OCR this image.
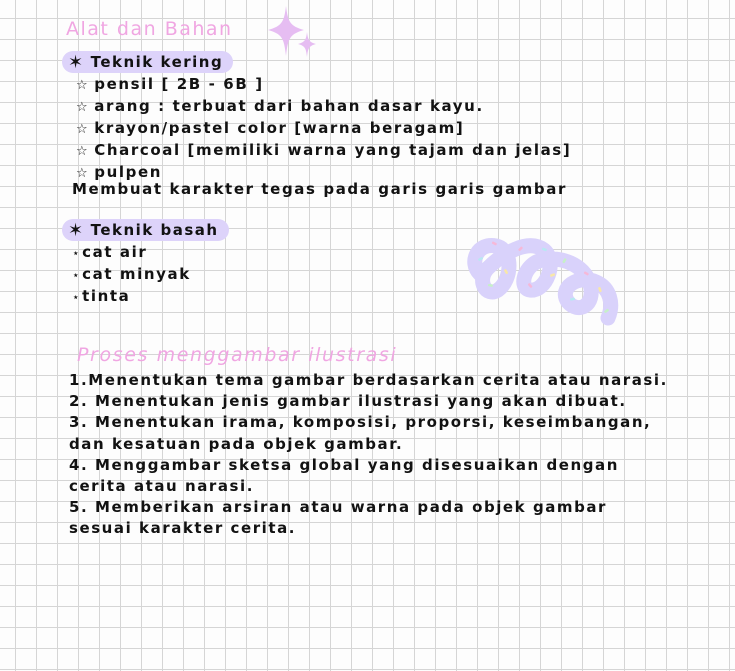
Alat dan Bahan
✶ Teknik kering
☆ pensil [ 2B - 6B ]
☆ arang : terbuat dari bahan dasar kayu.
☆ krayon/pastel color [warna beragam]
☆ Charcoal [memiliki warna yang tajam dan jelas]
☆ pulpen
Membuat karakter tegas pada garis garis gambar
✶ Teknik basah
⋆cat air
⋆cat minyak
⋆tinta
Proses menggambar ilustrasi
1.Menentukan tema gambar berdasarkan cerita atau narasi.
2. Menentukan jenis gambar ilustrasi yang akan dibuat.
3. Menentukan irama, komposisi, proporsi, keseimbangan, dan kesatuan pada objek gambar.
4. Menggambar sketsa global yang disesuaikan dengan cerita atau narasi.
5. Memberikan arsiran atau warna pada objek gambar sesuai karakter cerita.
